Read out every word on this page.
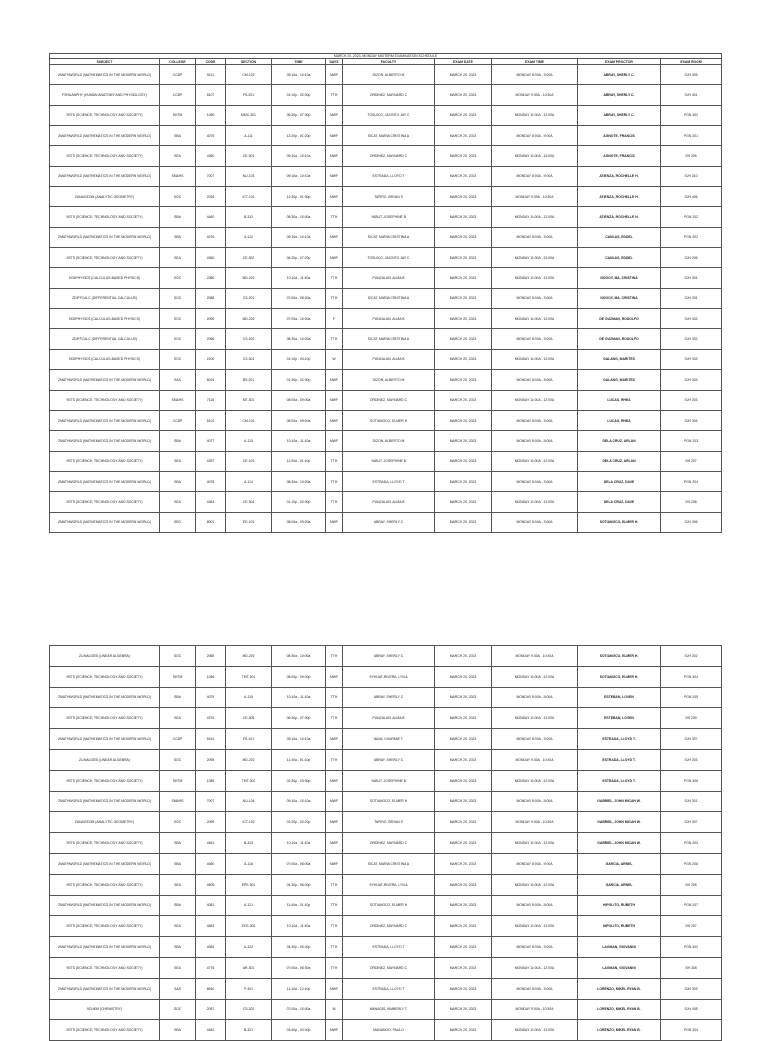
MARCH 20, 2023, MONDAY MIDTERM EXAMINATION SCHEDULE										
SUBJECT	COLLEGE	CODE	SECTION	TIME	DAYS	FACULTY	EXAM DATE	EXAM TIME	EXAM PROCTOR	EXAM ROOM
ZMATHWORLD (MATHEMATICS IN THE MODERN WORLD)	CCBP	5111	CM-102	09:10a - 10:10a	MWF	DIZON, ALBERTO M	MARCH 20, 2023	MONDAY 8:00A - 9:00A	ABRAY, SHERLY C.	SJH 305
FSHUANPHY (HUMAN ANATOMY AND PHYSIOLOGY)	CCBP	5107	FS-201	01:10p - 02:30p	TTH	ORDINEZ, MAYNARD C	MARCH 20, 2023	MONDAY 9:30A - 10:30A	ABRAY, SHERLY C.	SJH 401
9STS (SCIENCE, TECHNOLOGY AND SOCIETY)	SHTM	1080	MMC-301	06:30p - 07:30p	MWF	TOSUICO, JACINTO JAY C	MARCH 20, 2023	MONDAY 11:00A - 12:00A	ABRAY, SHERLY C.	PGN 302
ZMATHWORLD (MATHEMATICS IN THE MODERN WORLD)	SBA	4075	A-111	12:20p - 01:20p	MWF	SICAT, MARIA CRISTINA A	MARCH 20, 2023	MONDAY 8:00A - 9:00A	AGNOTE, FRANCIS	PGN 201
9STS (SCIENCE, TECHNOLOGY AND SOCIETY)	SEA	4360	CE-301	09:10a - 10:10a	MWF	ORDINEZ, MAYNARD C	MARCH 20, 2023	MONDAY 11:00A - 12:00A	AGNOTE, FRANCIS	SH 205
ZMATHWORLD (MATHEMATICS IN THE MODERN WORLD)	SMAHS	7007	NU-103	09:10a - 10:10a	MWF	ESTRADA, LLOYD T	MARCH 20, 2023	MONDAY 8:00A - 9:00A	ATIENZA, ROCHELLE H.	SJH 310
ZANAGEOM (ANALYTIC GEOMETRY)	SOC	2026	ICT-101	12:30p - 01:30p	MWF	TAPIRO, BRYAN S	MARCH 20, 2023	MONDAY 9:30A - 10:30A	ATIENZA, ROCHELLE H.	SJH 406
9STS (SCIENCE, TECHNOLOGY AND SOCIETY)	SBA	4460	B-312	08:30a - 10:00a	TTH	YABUT, JOSEPHINE B	MARCH 20, 2023	MONDAY 11:00A - 12:00A	ATIENZA, ROCHELLE H.	PGN 202
ZMATHWORLD (MATHEMATICS IN THE MODERN WORLD)	SBA	4076	A-112	09:10a - 10:10a	MWF	SICAT, MARIA CRISTINA A	MARCH 20, 2023	MONDAY 8:00A - 9:00A	CANLAS, EDDEL	PGN 202
9STS (SCIENCE, TECHNOLOGY AND SOCIETY)	SEA	4360	CE-302	06:20p - 07:20p	MWF	TOSUICO, JACINTO JAY C	MARCH 20, 2023	MONDAY 11:00A - 12:00A	CANLAS, EDDEL	SJH 206
9CBPHYSICS (CALCULUS-BASED PHYSICS)	SOC	2080	MD-201	10:10a - 11:40a	TTH	PUNZALAN, ALMA B	MARCH 20, 2023	MONDAY 11:00A - 12:00A	NOGOY, MA. CRISTINA	SJH 301
ZDIFFCALC (DIFFERENTIAL CALCULUS)	SOC	2088	CS-201	07:00a - 08:30a	TTH	SICAT, MARIA CRISTINA A	MARCH 20, 2023	MONDAY 8:00A - 9:00A	NOGOY, MA. CRISTINA	SJH 301
9CBPHYSICS (CALCULUS-BASED PHYSICS)	SOC	2090	MD-202	07:00a - 10:00a	F	PUNZALAN, ALMA B	MARCH 20, 2023	MONDAY 11:00A - 12:00A	DE GUZMAN, RODOLFO	SJH 302
ZDIFFCALC (DIFFERENTIAL CALCULUS)	SOC	2056	CS-202	08:30a - 10:00a	TTH	SICAT, MARIA CRISTINA A	MARCH 20, 2023	MONDAY 8:00A - 9:00A	DE GUZMAN, RODOLFO	SJH 302
9CBPHYSICS (CALCULUS-BASED PHYSICS)	SOC	2100	CS-301	01:10p - 04:10p	W	PUNZALAN, ALMA B	MARCH 20, 2023	MONDAY 11:00A - 12:00A	GALANG, MARITES	SJH 303
ZMATHWORLD (MATHEMATICS IN THE MODERN WORLD)	SAS	8024	BS-201	01:30p - 02:30p	MWF	DIZON, ALBERTO M	MARCH 20, 2023	MONDAY 8:00A - 9:00A	GALANG, MARITES	SJH 303
9STS (SCIENCE, TECHNOLOGY AND SOCIETY)	SMAHS	7116	MT-301	08:00a - 09:00a	MWF	ORDINEZ, MAYNARD C	MARCH 20, 2023	MONDAY 11:00A - 12:00A	LUCAS, RHEA	SJH 303
ZMATHWORLD (MATHEMATICS IN THE MODERN WORLD)	CCBP	5102	CM-101	08:00a - 09:00a	MWF	SOTIANGCO, ELMER H	MARCH 20, 2023	MONDAY 8:00A - 9:00A	LUCAS, RHEA	SJH 304
ZMATHWORLD (MATHEMATICS IN THE MODERN WORLD)	SBA	4077	A-113	10:10a - 11:10a	MWF	DIZON, ALBERTO M	MARCH 20, 2023	MONDAY 8:00A - 9:00A	DELA CRUZ, ARLAN	PGN 203
9STS (SCIENCE, TECHNOLOGY AND SOCIETY)	SEA	4357	CE-103	11:00a - 01:10p	TTH	YABUT, JOSEPHINE B	MARCH 20, 2023	MONDAY 11:00A - 12:00A	DELA CRUZ, ARLAN	SH 207
ZMATHWORLD (MATHEMATICS IN THE MODERN WORLD)	SBA	4078	A-114	08:30a - 10:00a	TTH	ESTRADA, LLOYD T	MARCH 20, 2023	MONDAY 8:00A - 9:00A	DELA CRUZ, DAVE	PGN 204
9STS (SCIENCE, TECHNOLOGY AND SOCIETY)	SEA	4364	CE-304	01:10p - 02:30p	TTH	PUNZALAN, ALMA B	MARCH 20, 2023	MONDAY 11:00A - 12:00A	DELA CRUZ, DAVE	SH 208
ZMATHWORLD (MATHEMATICS IN THE MODERN WORLD)	SED	8001	ED-101	08:00a - 09:00a	MWF	ABRAY, SHERLY C	MARCH 20, 2023	MONDAY 8:00A - 9:00A	SOTIANGCO, ELMER H.	SJH 306
ZLINALGEB (LINEAR ALGEBRA)	SOC	2085	MD-201	08:30a - 10:00a	TTH	ABRAY, SHERLY C	MARCH 20, 2023	MONDAY 9:30A - 10:30A	SOTIANGCO, ELMER H.	SJH 302
9STS (SCIENCE, TECHNOLOGY AND SOCIETY)	SHTM	1056	TMT-301	08:00p - 09:00p	MWF	SYHUAT-RIVERA, LYN A	MARCH 20, 2023	MONDAY 11:00A - 12:00A	SOTIANGCO, ELMER H.	PGN 304
ZMATHWORLD (MATHEMATICS IN THE MODERN WORLD)	SBA	4079	A-115	10:10a - 11:10a	TTH	ABRAY, SHERLY C	MARCH 20, 2023	MONDAY 8:00A - 9:00A	ESTEBAN, LOVEN	PGN 205
9STS (SCIENCE, TECHNOLOGY AND SOCIETY)	SEA	4375	CE-305	06:30p - 07:30p	TTH	PUNZALAN, ALMA B	MARCH 20, 2023	MONDAY 11:00A - 12:00A	ESTEBAN, LOVEN	SH 209
ZMATHWORLD (MATHEMATICS IN THE MODERN WORLD)	CCBP	5151	FS-101	09:10a - 10:10a	MWF	NAVA, CHARMIE T.	MARCH 20, 2023	MONDAY 8:00A - 9:00A	ESTRADA, LLOYD T.	SJH 307
ZLINALGEB (LINEAR ALGEBRA)	SOC	2095	MD-202	11:40a - 01:10p	TTH	ABRAY, SHERLY C	MARCH 20, 2023	MONDAY 9:30A - 10:30A	ESTRADA, LLOYD T.	SJH 303
9STS (SCIENCE, TECHNOLOGY AND SOCIETY)	SHTM	1085	TMT-302	02:30p - 03:30p	MWF	YABUT, JOSEPHINE B	MARCH 20, 2023	MONDAY 11:00A - 12:00A	ESTRADA, LLOYD T.	PGN 306
ZMATHWORLD (MATHEMATICS IN THE MODERN WORLD)	SMAHS	7007	NU-104	09:10a - 10:10a	MWF	SOTIANGCO, ELMER H	MARCH 20, 2023	MONDAY 8:00A - 9:00A	GABRIEL, JOHN MICAH W.	SJH 301
ZANAGEOM (ANALYTIC GEOMETRY)	SOC	2059	ICT-102	01:20p - 02:20p	MWF	TAPIRO, BRYAN S	MARCH 20, 2023	MONDAY 9:30A - 10:30A	GABRIEL, JOHN MICAH W.	SJH 307
9STS (SCIENCE, TECHNOLOGY AND SOCIETY)	SBA	4461	B-313	10:10a - 11:10a	MWF	ORDINEZ, MAYNARD C	MARCH 20, 2023	MONDAY 11:00A - 12:00A	GABRIEL, JOHN MICAH W.	PGN 203
ZMATHWORLD (MATHEMATICS IN THE MODERN WORLD)	SBA	4080	A-116	07:00a - 08:00a	MWF	SICAT, MARIA CRISTINA A	MARCH 20, 2023	MONDAY 8:00A - 9:00A	GARCIA, ARNEL	PGN 206
9STS (SCIENCE, TECHNOLOGY AND SOCIETY)	SEA	4509	EPE-301	04:30p - 06:00p	TTH	SYHUAT-RIVERA, LYN A	MARCH 20, 2023	MONDAY 11:00A - 12:00A	GARCIA, ARNEL	SH 205
ZMATHWORLD (MATHEMATICS IN THE MODERN WORLD)	SBA	4081	A-121	11:40a - 01:10p	TTH	SOTIANGCO, ELMER H	MARCH 20, 2023	MONDAY 8:00A - 9:00A	HIPOLITO, RUBETH	PGN 207
9STS (SCIENCE, TECHNOLOGY AND SOCIETY)	SEA	4563	ECE-302	10:10a - 11:40a	TTH	ORDINEZ, MAYNARD C	MARCH 20, 2023	MONDAY 11:00A - 12:00A	HIPOLITO, RUBETH	SH 207
ZMATHWORLD (MATHEMATICS IN THE MODERN WORLD)	SBA	4082	A-122	04:30p - 05:40p	TTH	ESTRADA, LLOYD T	MARCH 20, 2023	MONDAY 8:00A - 9:00A	LAGMAN, GIOVANNI	PGN 302
9STS (SCIENCE, TECHNOLOGY AND SOCIETY)	SEA	4776	AR-301	07:00a - 08:30a	TTH	ORDINEZ, MAYNARD C	MARCH 20, 2023	MONDAY 11:00A - 12:00A	LAGMAN, GIOVANNI	SH 308
ZMATHWORLD (MATHEMATICS IN THE MODERN WORLD)	SAS	8040	P-301	11:10a - 12:10p	MWF	ESTRADA, LLOYD T	MARCH 20, 2023	MONDAY 8:00A - 9:00A	LORENZO, MIKEL RYAN B.	SJH 303
9CHEM (CHEMISTRY)	SOC	2057	CS-202	07:00a - 10:00a	M	MANAOIS, KIMBERLY T.	MARCH 20, 2023	MONDAY 9:30A - 10:30A	LORENZO, MIKEL RYAN B.	SJH 408
9STS (SCIENCE, TECHNOLOGY AND SOCIETY)	SBA	4462	B-321	03:40p - 04:40p	MWF	MANANGO, PAULO	MARCH 20, 2023	MONDAY 11:00A - 12:00A	LORENZO, MIKEL RYAN B.	PGN 204
